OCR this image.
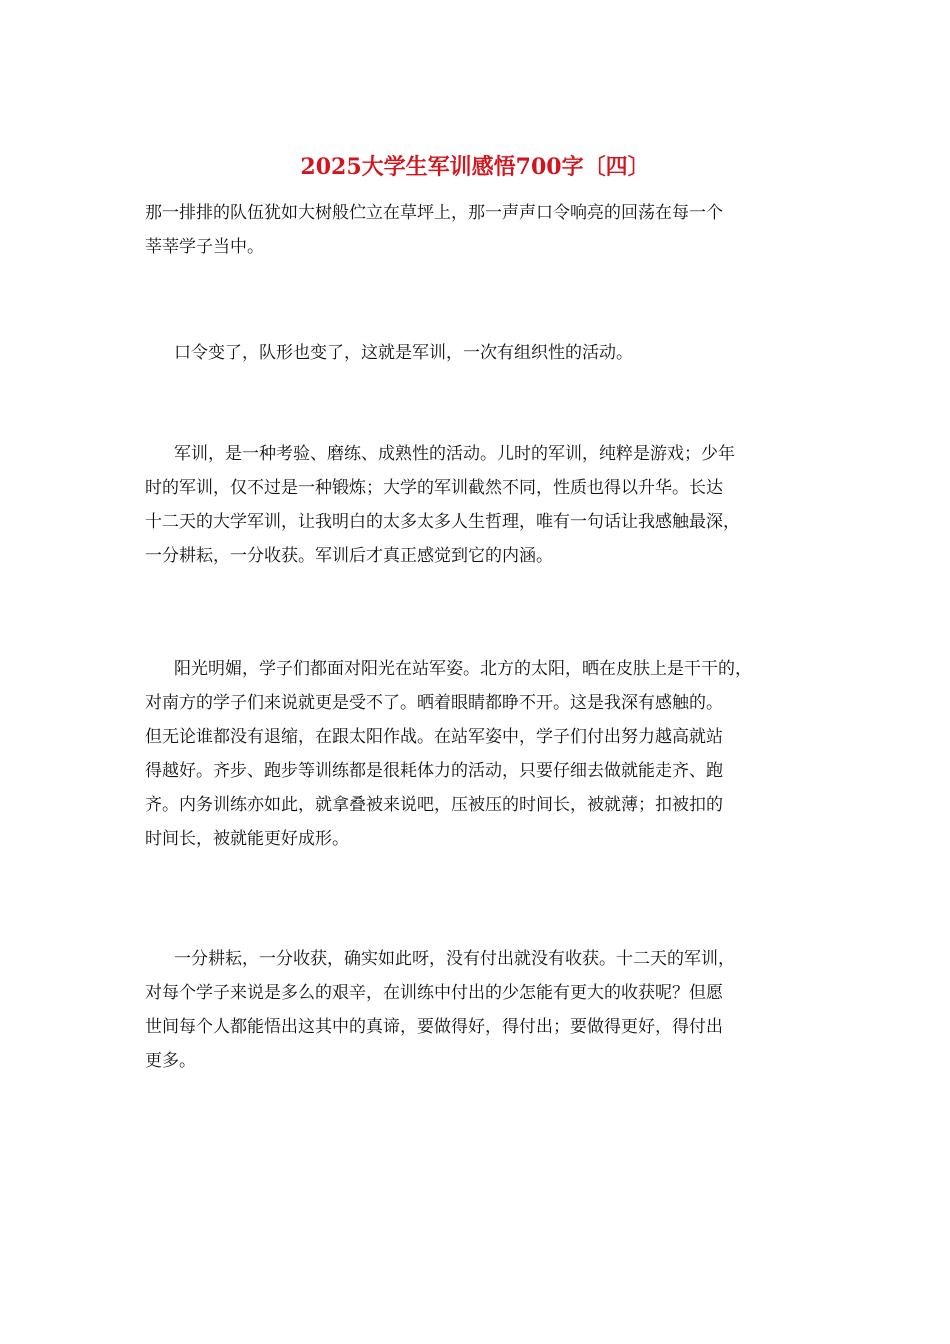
2025大学生军训感悟700字〔四〕
那一排排的队伍犹如大树般伫立在草坪上，那一声声口令响亮的回荡在每一个
莘莘学子当中。
口令变了，队形也变了，这就是军训，一次有组织性的活动。
军训，是一种考验、磨练、成熟性的活动。儿时的军训，纯粹是游戏；少年
时的军训，仅不过是一种锻炼；大学的军训截然不同，性质也得以升华。长达
十二天的大学军训，让我明白的太多太多人生哲理，唯有一句话让我感触最深，
一分耕耘，一分收获。军训后才真正感觉到它的内涵。
阳光明媚，学子们都面对阳光在站军姿。北方的太阳，晒在皮肤上是干干的，
对南方的学子们来说就更是受不了。晒着眼睛都睁不开。这是我深有感触的。
但无论谁都没有退缩，在跟太阳作战。在站军姿中，学子们付出努力越高就站
得越好。齐步、跑步等训练都是很耗体力的活动，只要仔细去做就能走齐、跑
齐。内务训练亦如此，就拿叠被来说吧，压被压的时间长，被就薄；扣被扣的
时间长，被就能更好成形。
一分耕耘，一分收获，确实如此呀，没有付出就没有收获。十二天的军训，
对每个学子来说是多么的艰辛，在训练中付出的少怎能有更大的收获呢？但愿
世间每个人都能悟出这其中的真谛，要做得好，得付出；要做得更好，得付出
更多。
